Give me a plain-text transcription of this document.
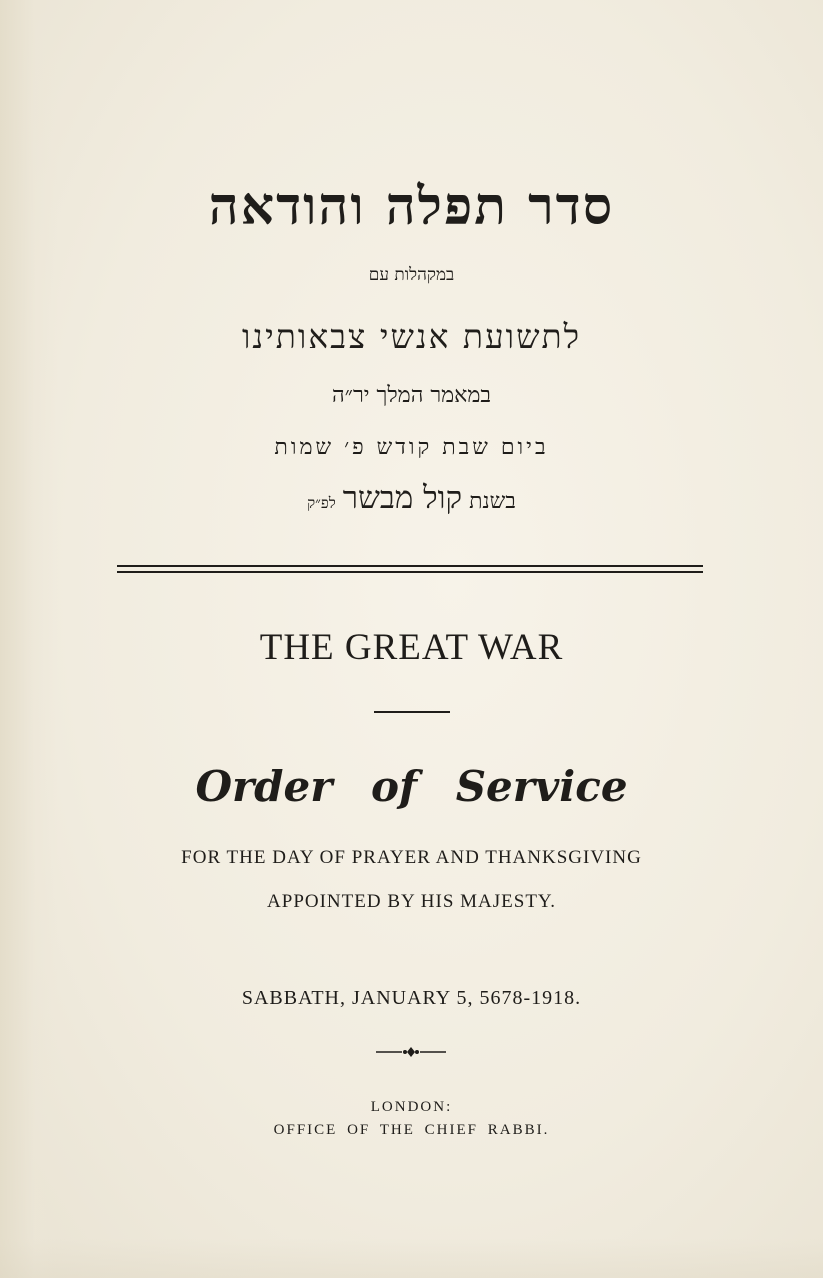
סדר תפלה והודאה
במקהלות עם
לתשועת אנשי צבאותינו
במאמר המלך יר״ה
ביום שבת קודש פ׳ שמות
בשנת קול מבשר לפ״ק
THE GREAT WAR
Order of Service
FOR THE DAY OF PRAYER AND THANKSGIVING
APPOINTED BY HIS MAJESTY.
SABBATH, JANUARY 5, 5678-1918.
LONDON:
OFFICE OF THE CHIEF RABBI.
